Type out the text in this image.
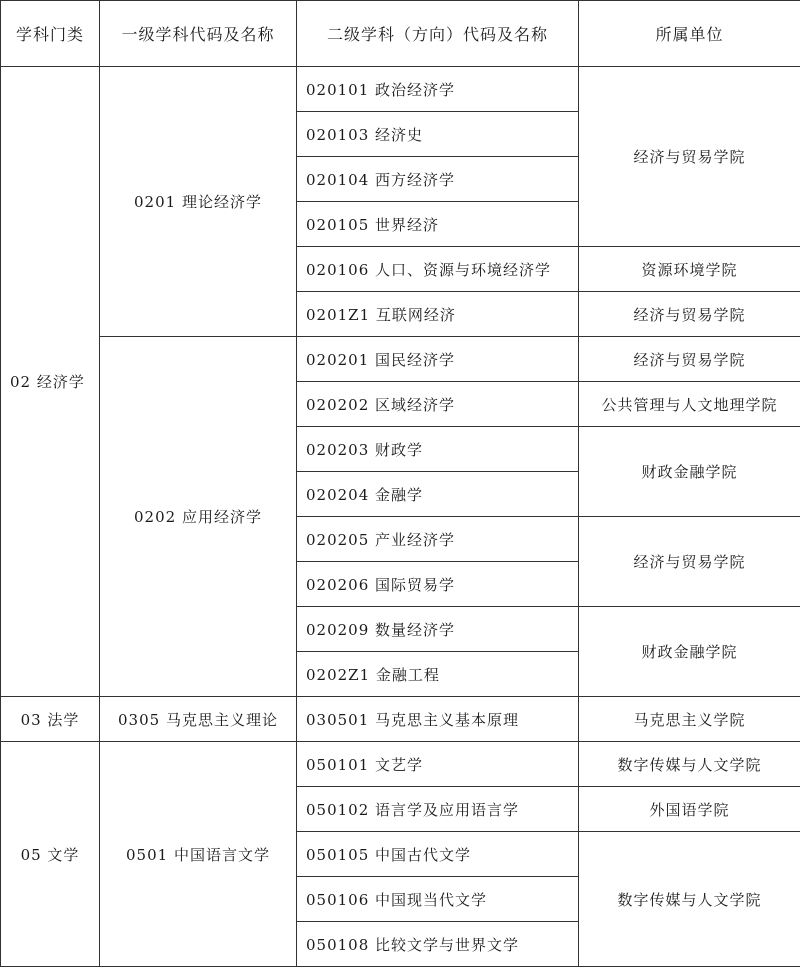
学科门类	一级学科代码及名称	二级学科（方向）代码及名称	所属单位
02 经济学	0201 理论经济学	020101 政治经济学	经济与贸易学院
		020103 经济史	
		020104 西方经济学	
		020105 世界经济	
		020106 人口、资源与环境经济学	资源环境学院
		0201Z1 互联网经济	经济与贸易学院
	0202 应用经济学	020201 国民经济学	经济与贸易学院
		020202 区域经济学	公共管理与人文地理学院
		020203 财政学	财政金融学院
		020204 金融学	
		020205 产业经济学	经济与贸易学院
		020206 国际贸易学	
		020209 数量经济学	财政金融学院
		0202Z1 金融工程	
03 法学	0305 马克思主义理论	030501 马克思主义基本原理	马克思主义学院
05 文学	0501 中国语言文学	050101 文艺学	数字传媒与人文学院
		050102 语言学及应用语言学	外国语学院
		050105 中国古代文学	数字传媒与人文学院
		050106 中国现当代文学	
		050108 比较文学与世界文学	
